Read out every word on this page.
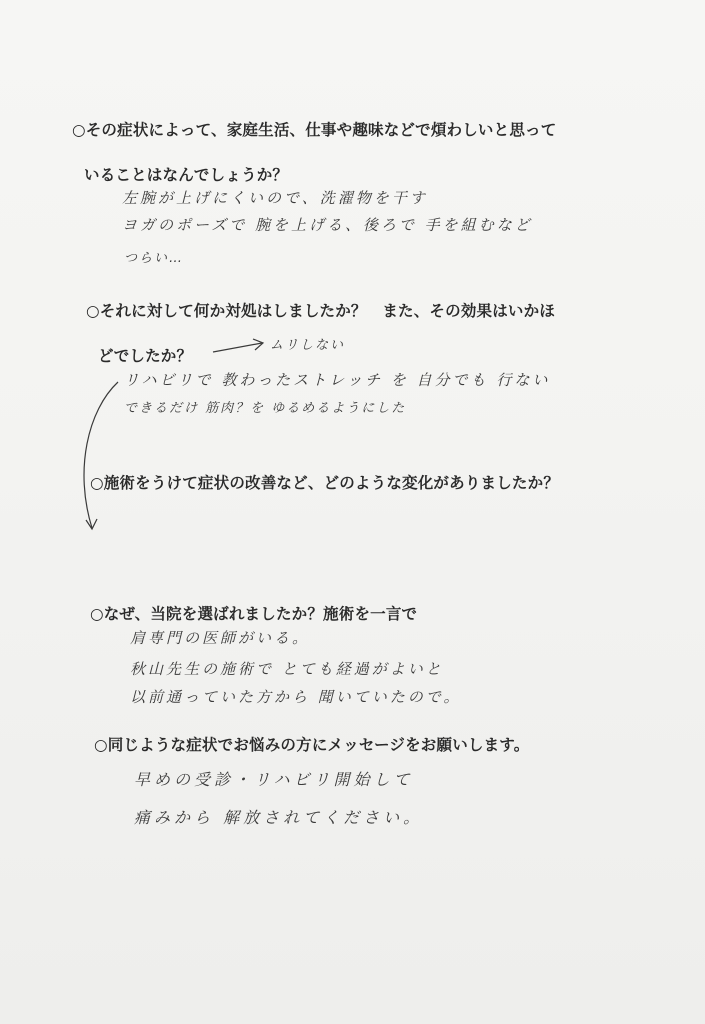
○その症状によって、家庭生活、仕事や趣味などで煩わしいと思って
いることはなんでしょうか？
左腕が上げにくいので、洗濯物を干す
ヨガのポーズで 腕を上げる、後ろで 手を組むなど
つらい…
○それに対して何か対処はしましたか？　また、その効果はいかほ
どでしたか？
ムリしない
リハビリで 教わったストレッチ を 自分でも 行ない
できるだけ 筋肉？を ゆるめるようにした
○施術をうけて症状の改善など、どのような変化がありましたか？
○なぜ、当院を選ばれましたか？施術を一言で
肩専門の医師がいる。
秋山先生の施術で とても経過がよいと
以前通っていた方から 聞いていたので。
○同じような症状でお悩みの方にメッセージをお願いします。
早めの受診・リハビリ開始して
痛みから 解放されてください。
